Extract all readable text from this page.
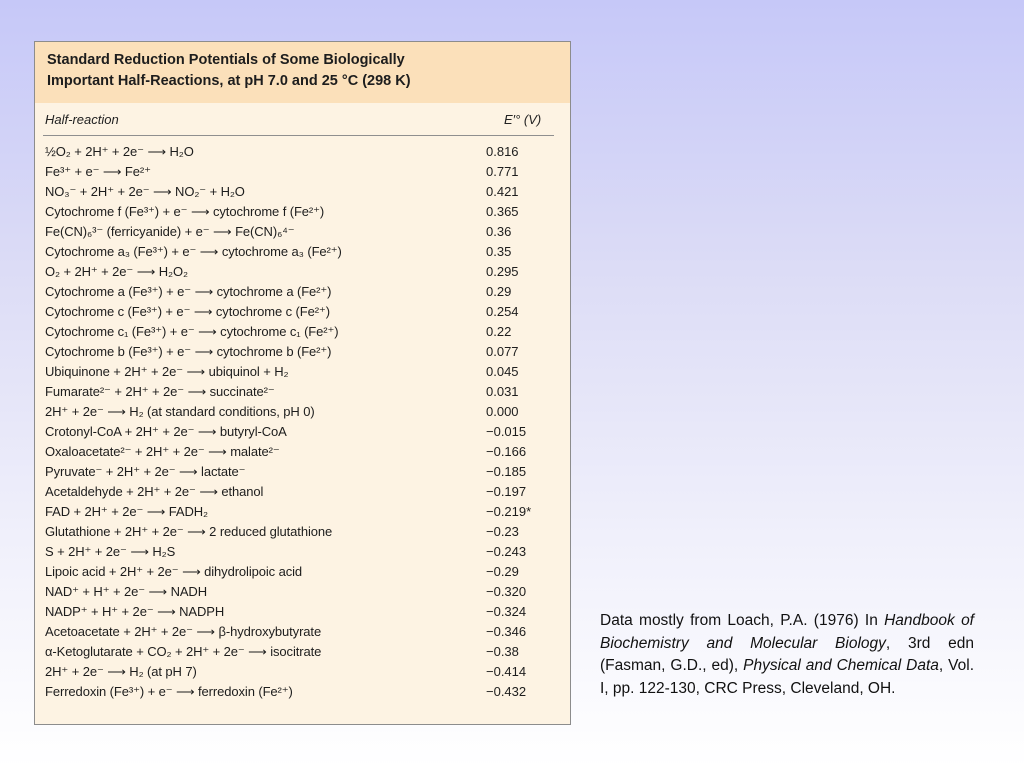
Standard Reduction Potentials of Some Biologically
Important Half-Reactions, at pH 7.0 and 25 °C (298 K)
Half-reaction	E′° (V)
½O₂ + 2H⁺ + 2e⁻ ⟶ H₂O	0.816
Fe³⁺ + e⁻ ⟶ Fe²⁺	0.771
NO₃⁻ + 2H⁺ + 2e⁻ ⟶ NO₂⁻ + H₂O	0.421
Cytochrome f (Fe³⁺) + e⁻ ⟶ cytochrome f (Fe²⁺)	0.365
Fe(CN)₆³⁻ (ferricyanide) + e⁻ ⟶ Fe(CN)₆⁴⁻	0.36
Cytochrome a₃ (Fe³⁺) + e⁻ ⟶ cytochrome a₃ (Fe²⁺)	0.35
O₂ + 2H⁺ + 2e⁻ ⟶ H₂O₂	0.295
Cytochrome a (Fe³⁺) + e⁻ ⟶ cytochrome a (Fe²⁺)	0.29
Cytochrome c (Fe³⁺) + e⁻ ⟶ cytochrome c (Fe²⁺)	0.254
Cytochrome c₁ (Fe³⁺) + e⁻ ⟶ cytochrome c₁ (Fe²⁺)	0.22
Cytochrome b (Fe³⁺) + e⁻ ⟶ cytochrome b (Fe²⁺)	0.077
Ubiquinone + 2H⁺ + 2e⁻ ⟶ ubiquinol + H₂	0.045
Fumarate²⁻ + 2H⁺ + 2e⁻ ⟶ succinate²⁻	0.031
2H⁺ + 2e⁻ ⟶ H₂ (at standard conditions, pH 0)	0.000
Crotonyl-CoA + 2H⁺ + 2e⁻ ⟶ butyryl-CoA	−0.015
Oxaloacetate²⁻ + 2H⁺ + 2e⁻ ⟶ malate²⁻	−0.166
Pyruvate⁻ + 2H⁺ + 2e⁻ ⟶ lactate⁻	−0.185
Acetaldehyde + 2H⁺ + 2e⁻ ⟶ ethanol	−0.197
FAD + 2H⁺ + 2e⁻ ⟶ FADH₂	−0.219*
Glutathione + 2H⁺ + 2e⁻ ⟶ 2 reduced glutathione	−0.23
S + 2H⁺ + 2e⁻ ⟶ H₂S	−0.243
Lipoic acid + 2H⁺ + 2e⁻ ⟶ dihydrolipoic acid	−0.29
NAD⁺ + H⁺ + 2e⁻ ⟶ NADH	−0.320
NADP⁺ + H⁺ + 2e⁻ ⟶ NADPH	−0.324
Acetoacetate + 2H⁺ + 2e⁻ ⟶ β-hydroxybutyrate	−0.346
α-Ketoglutarate + CO₂ + 2H⁺ + 2e⁻ ⟶ isocitrate	−0.38
2H⁺ + 2e⁻ ⟶ H₂ (at pH 7)	−0.414
Ferredoxin (Fe³⁺) + e⁻ ⟶ ferredoxin (Fe²⁺)	−0.432
Data mostly from Loach, P.A. (1976) In Handbook of Biochemistry and Molecular Biology, 3rd edn (Fasman, G.D., ed), Physical and Chemical Data, Vol. I, pp. 122-130, CRC Press, Cleveland, OH.
